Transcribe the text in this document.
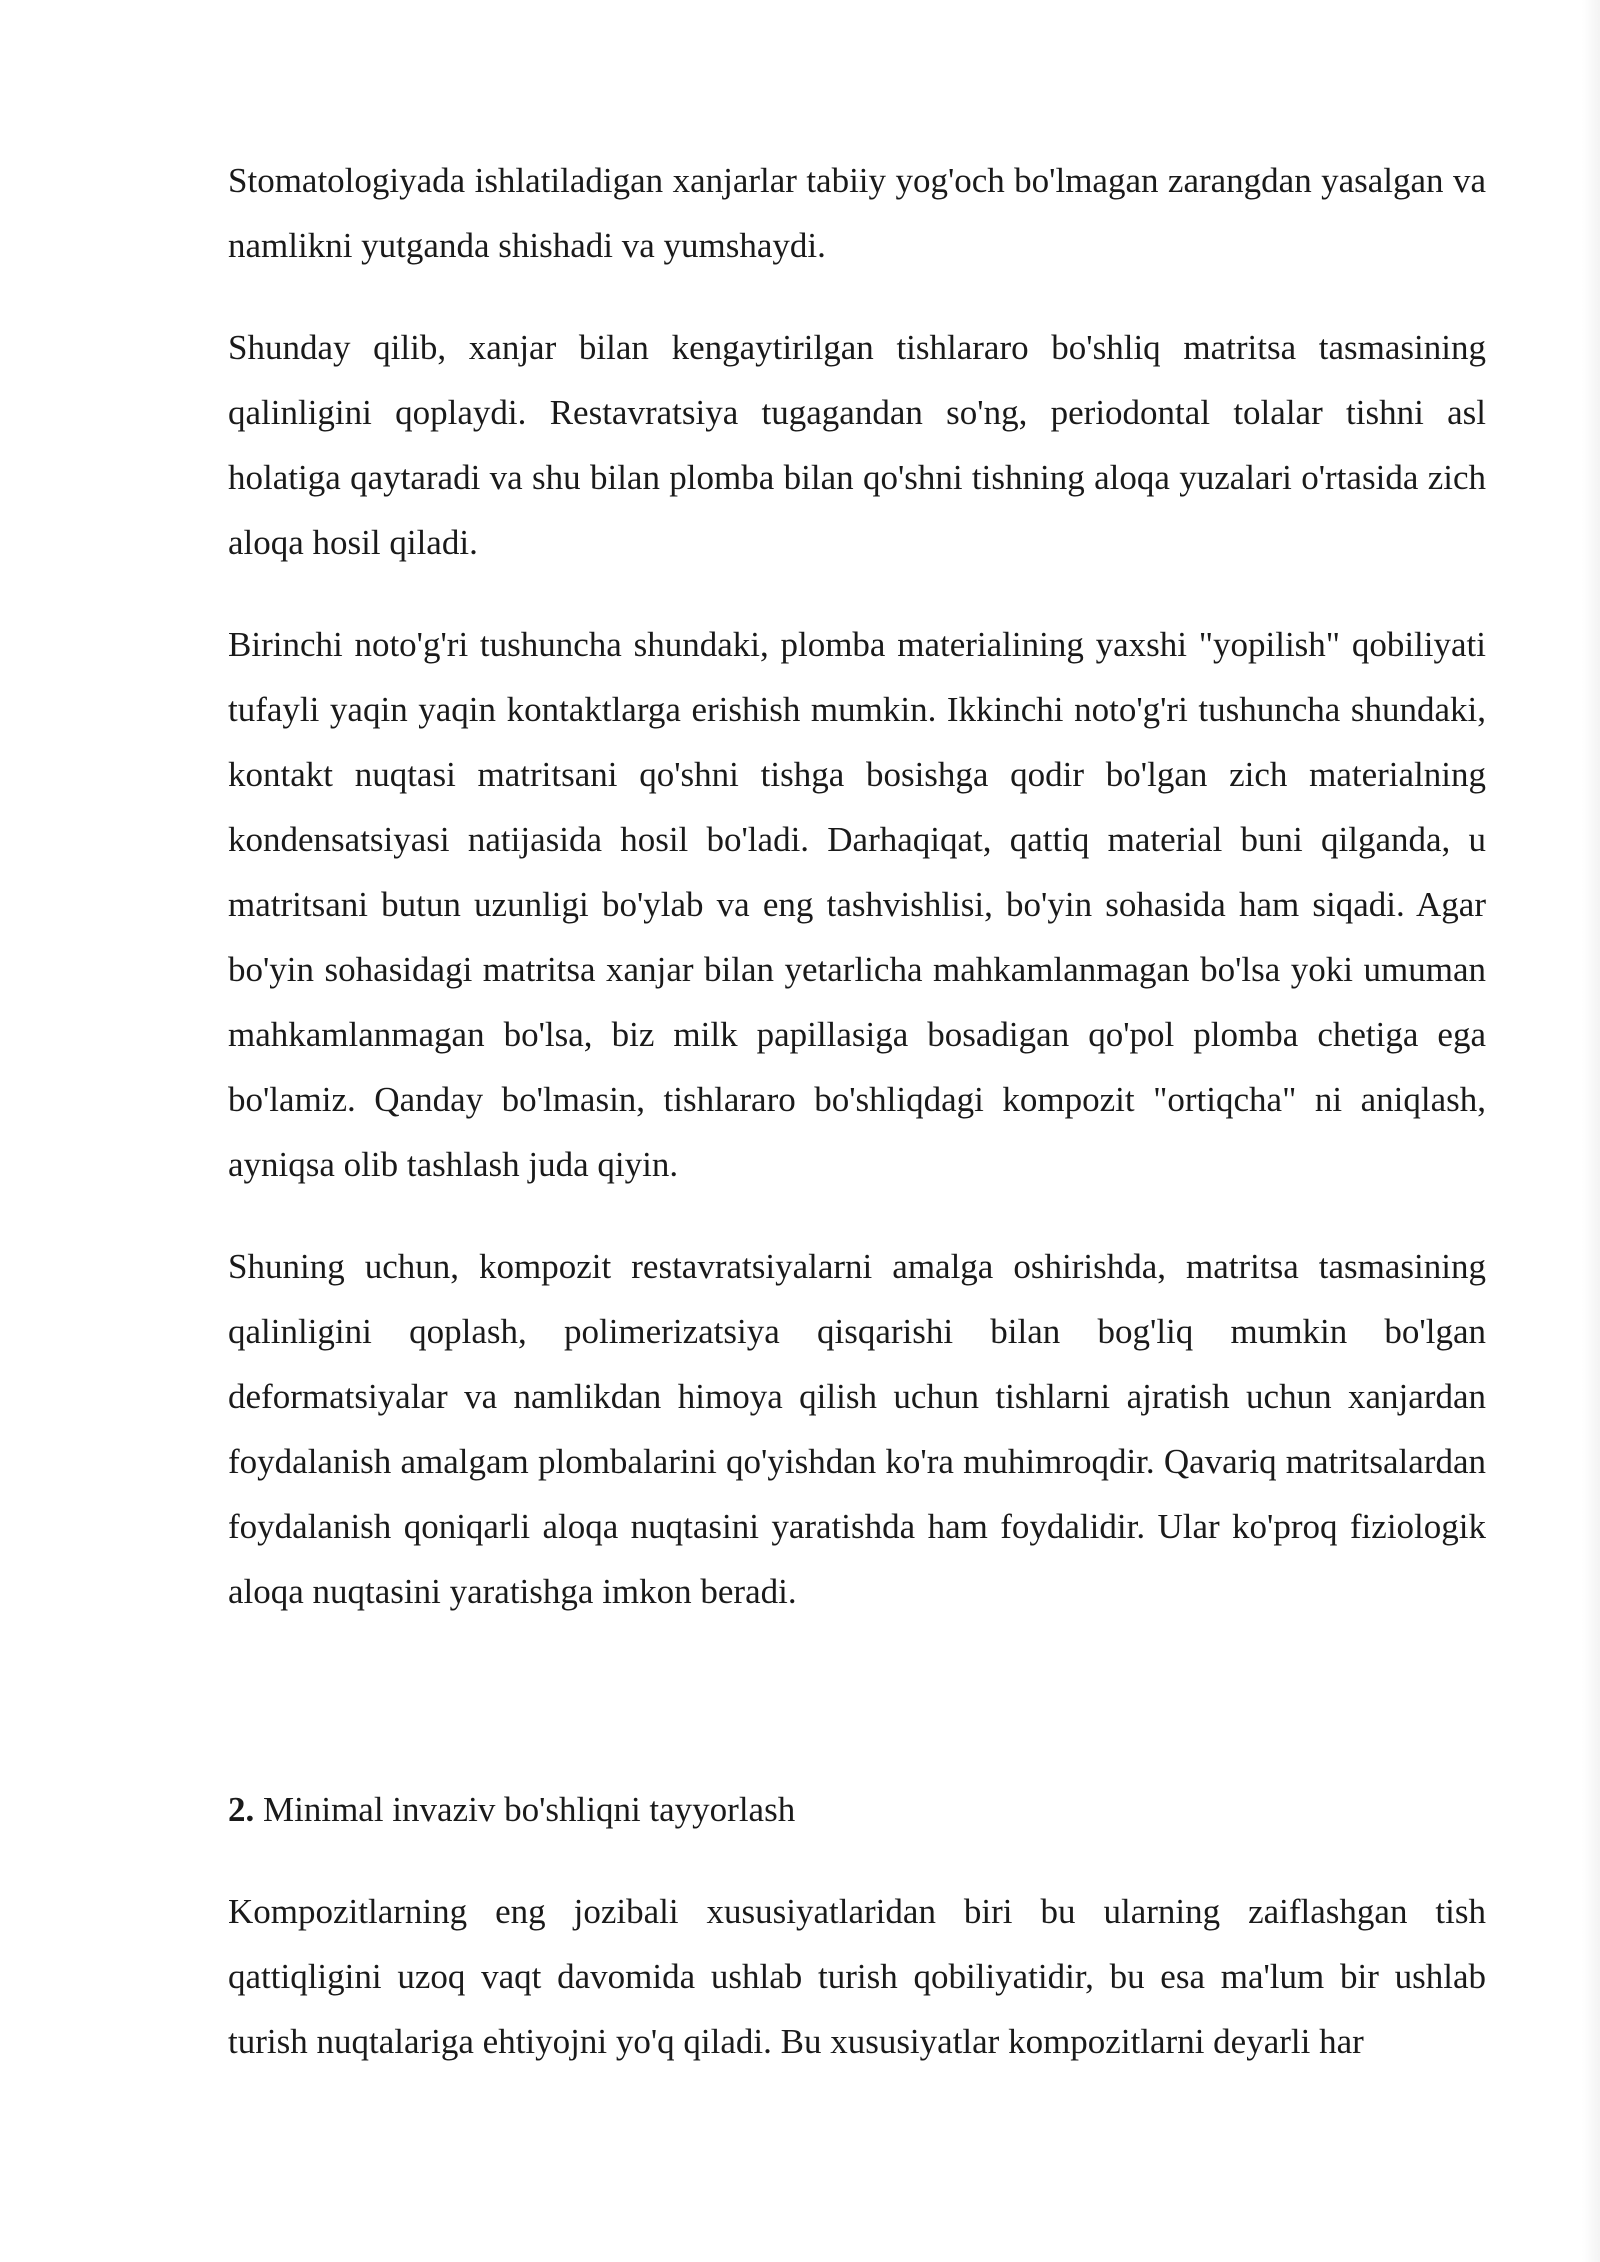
Stomatologiyada ishlatiladigan xanjarlar tabiiy yog'och bo'lmagan zarangdan yasalgan va namlikni yutganda shishadi va yumshaydi.

Shunday qilib, xanjar bilan kengaytirilgan tishlararo bo'shliq matritsa tasmasining qalinligini qoplaydi. Restavratsiya tugagandan so'ng, periodontal tolalar tishni asl holatiga qaytaradi va shu bilan plomba bilan qo'shni tishning aloqa yuzalari o'rtasida zich aloqa hosil qiladi.

Birinchi noto'g'ri tushuncha shundaki, plomba materialining yaxshi "yopilish" qobiliyati tufayli yaqin yaqin kontaktlarga erishish mumkin. Ikkinchi noto'g'ri tushuncha shundaki, kontakt nuqtasi matritsani qo'shni tishga bosishga qodir bo'lgan zich materialning kondensatsiyasi natijasida hosil bo'ladi. Darhaqiqat, qattiq material buni qilganda, u matritsani butun uzunligi bo'ylab va eng tashvishlisi, bo'yin sohasida ham siqadi. Agar bo'yin sohasidagi matritsa xanjar bilan yetarlicha mahkamlanmagan bo'lsa yoki umuman mahkamlanmagan bo'lsa, biz milk papillasiga bosadigan qo'pol plomba chetiga ega bo'lamiz. Qanday bo'lmasin, tishlararo bo'shliqdagi kompozit "ortiqcha" ni aniqlash, ayniqsa olib tashlash juda qiyin.

Shuning uchun, kompozit restavratsiyalarni amalga oshirishda, matritsa tasmasining qalinligini qoplash, polimerizatsiya qisqarishi bilan bog'liq mumkin bo'lgan deformatsiyalar va namlikdan himoya qilish uchun tishlarni ajratish uchun xanjardan foydalanish amalgam plombalarini qo'yishdan ko'ra muhimroqdir. Qavariq matritsalardan foydalanish qoniqarli aloqa nuqtasini yaratishda ham foydalidir. Ular ko'proq fiziologik aloqa nuqtasini yaratishga imkon beradi.

2. Minimal invaziv bo'shliqni tayyorlash

Kompozitlarning eng jozibali xususiyatlaridan biri bu ularning zaiflashgan tish qattiqligini uzoq vaqt davomida ushlab turish qobiliyatidir, bu esa ma'lum bir ushlab turish nuqtalariga ehtiyojni yo'q qiladi. Bu xususiyatlar kompozitlarni deyarli har
